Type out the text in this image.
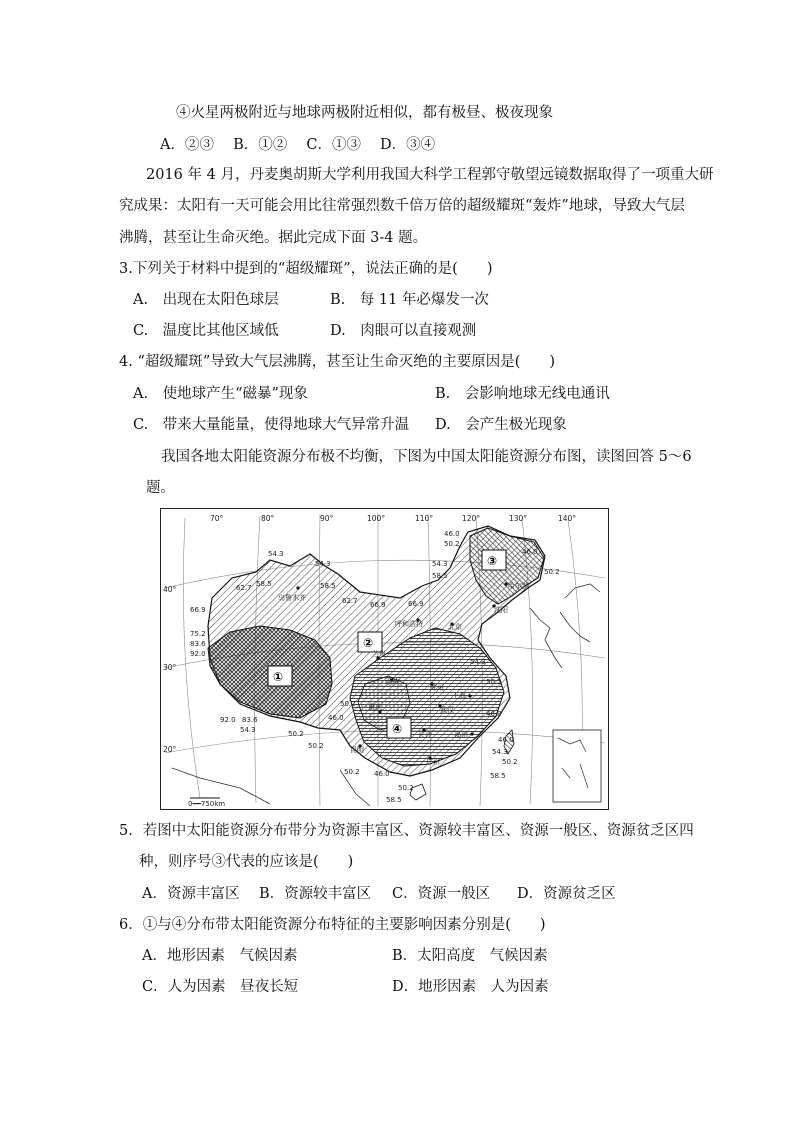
④火星两极附近与地球两极附近相似，都有极昼、极夜现象
A．②③　 B．①②　 C．①③　 D．③④
2016 年 4 月，丹麦奥胡斯大学利用我国大科学工程郭守敬望远镜数据取得了一项重大研
究成果：太阳有一天可能会用比往常强烈数千倍万倍的超级耀斑“轰炸”地球，导致大气层
沸腾，甚至让生命灭绝。据此完成下面 3-4 题。
3.下列关于材料中提到的“超级耀斑”，说法正确的是(　　)
A.　出现在太阳色球层	B.　每 11 年必爆发一次
C.　温度比其他区域低	D.　肉眼可以直接观测
4. “超级耀斑”导致大气层沸腾，甚至让生命灭绝的主要原因是(　　)
A.　使地球产生“磁暴”现象	B.　会影响地球无线电通讯
C.　带来大量能量，使得地球大气异常升温 D.　会产生极光现象
我国各地太阳能资源分布极不均衡，下图为中国太阳能资源分布图，读图回答 5～6
题。
70°	80°	90°	100°	110°	120°	130°	140°
40°
30°
20°
①
②
③
④
乌鲁木齐
呼和浩特	北京
哈尔滨
沈阳
兰州
郑州
上海
武汉
重庆
长沙	福州
昆明
广州
西安
54.3
58.5
62.7
66.9
75.2
83.6
92.0
54.3
58.5
62.7 66.9	66.9
46.0
50.2
54.3
58.5
46.0
50.2
54.3
50.2
46.0
46.0
54.3
50.2
58.5
92.0 83.6
54.3	50.2
50.2
46.0
50.2
50.2 46.0
50.2
58.5
0━━750km
5．若图中太阳能资源分布带分为资源丰富区、资源较丰富区、资源一般区、资源贫乏区四
种，则序号③代表的应该是(　　)
A．资源丰富区 B．资源较丰富区 C．资源一般区 D．资源贫乏区
6．①与④分布带太阳能资源分布特征的主要影响因素分别是(　　)
A．地形因素　气候因素	B．太阳高度　气候因素
C．人为因素　昼夜长短	D．地形因素　人为因素
